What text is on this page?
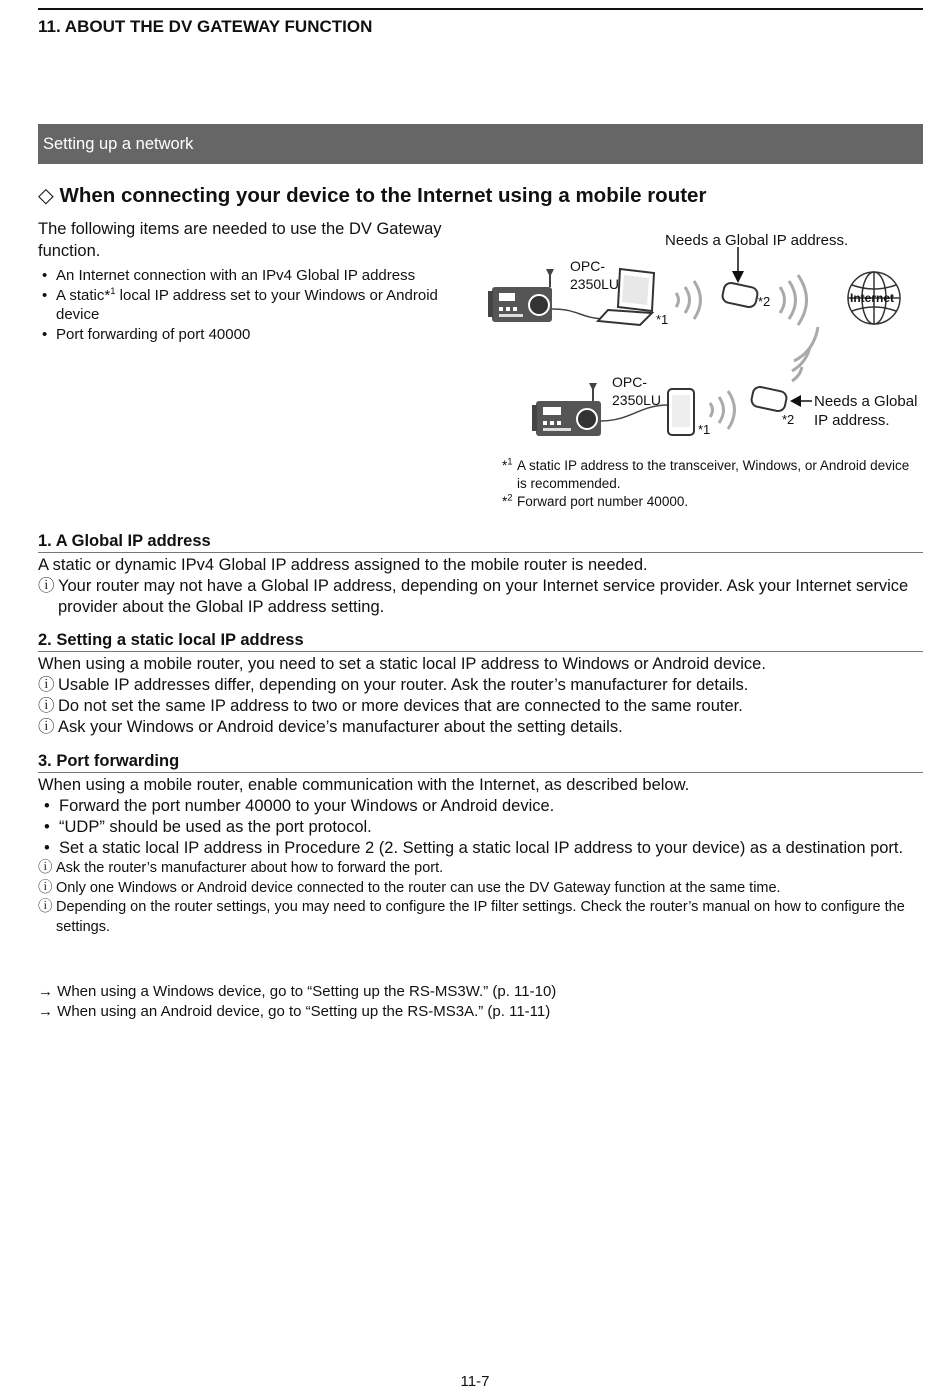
11. ABOUT THE DV GATEWAY FUNCTION
Setting up a network
◇ When connecting your device to the Internet using a mobile router

The following items are needed to use the DV Gateway function.

• An Internet connection with an IPv4 Global IP address
• A static*$^1$ local IP address set to your Windows or Android device
• Port forwarding of port 40000
OPC-
2350LU
Needs a Global IP address.
*1
*2	Internet
OPC-
2350LU
*1
*2
Needs a Global
IP address.
*$^1$ A static IP address to the transceiver, Windows, or Android device is recommended.
*$^2$ Forward port number 40000.
1. A Global IP address

A static or dynamic IPv4 Global IP address assigned to the mobile router is needed.

ⓘ Your router may not have a Global IP address, depending on your Internet service provider. Ask your Internet service provider about the Global IP address setting.

2. Setting a static local IP address

When using a mobile router, you need to set a static local IP address to Windows or Android device.

ⓘ Usable IP addresses differ, depending on your router. Ask the router’s manufacturer for details.

ⓘ Do not set the same IP address to two or more devices that are connected to the same router.

ⓘ Ask your Windows or Android device’s manufacturer about the setting details.

3. Port forwarding

When using a mobile router, enable communication with the Internet, as described below.

• Forward the port number 40000 to your Windows or Android device.

• “UDP” should be used as the port protocol.

• Set a static local IP address in Procedure 2 (2. Setting a static local IP address to your device) as a destination port.

ⓘ Ask the router’s manufacturer about how to forward the port.

ⓘ Only one Windows or Android device connected to the router can use the DV Gateway function at the same time.

ⓘ Depending on the router settings, you may need to configure the IP filter settings. Check the router’s manual on how to configure the settings.

→ When using a Windows device, go to “Setting up the RS-MS3W.” (p. 11-10)

→ When using an Android device, go to “Setting up the RS-MS3A.” (p. 11-11)

11-7
